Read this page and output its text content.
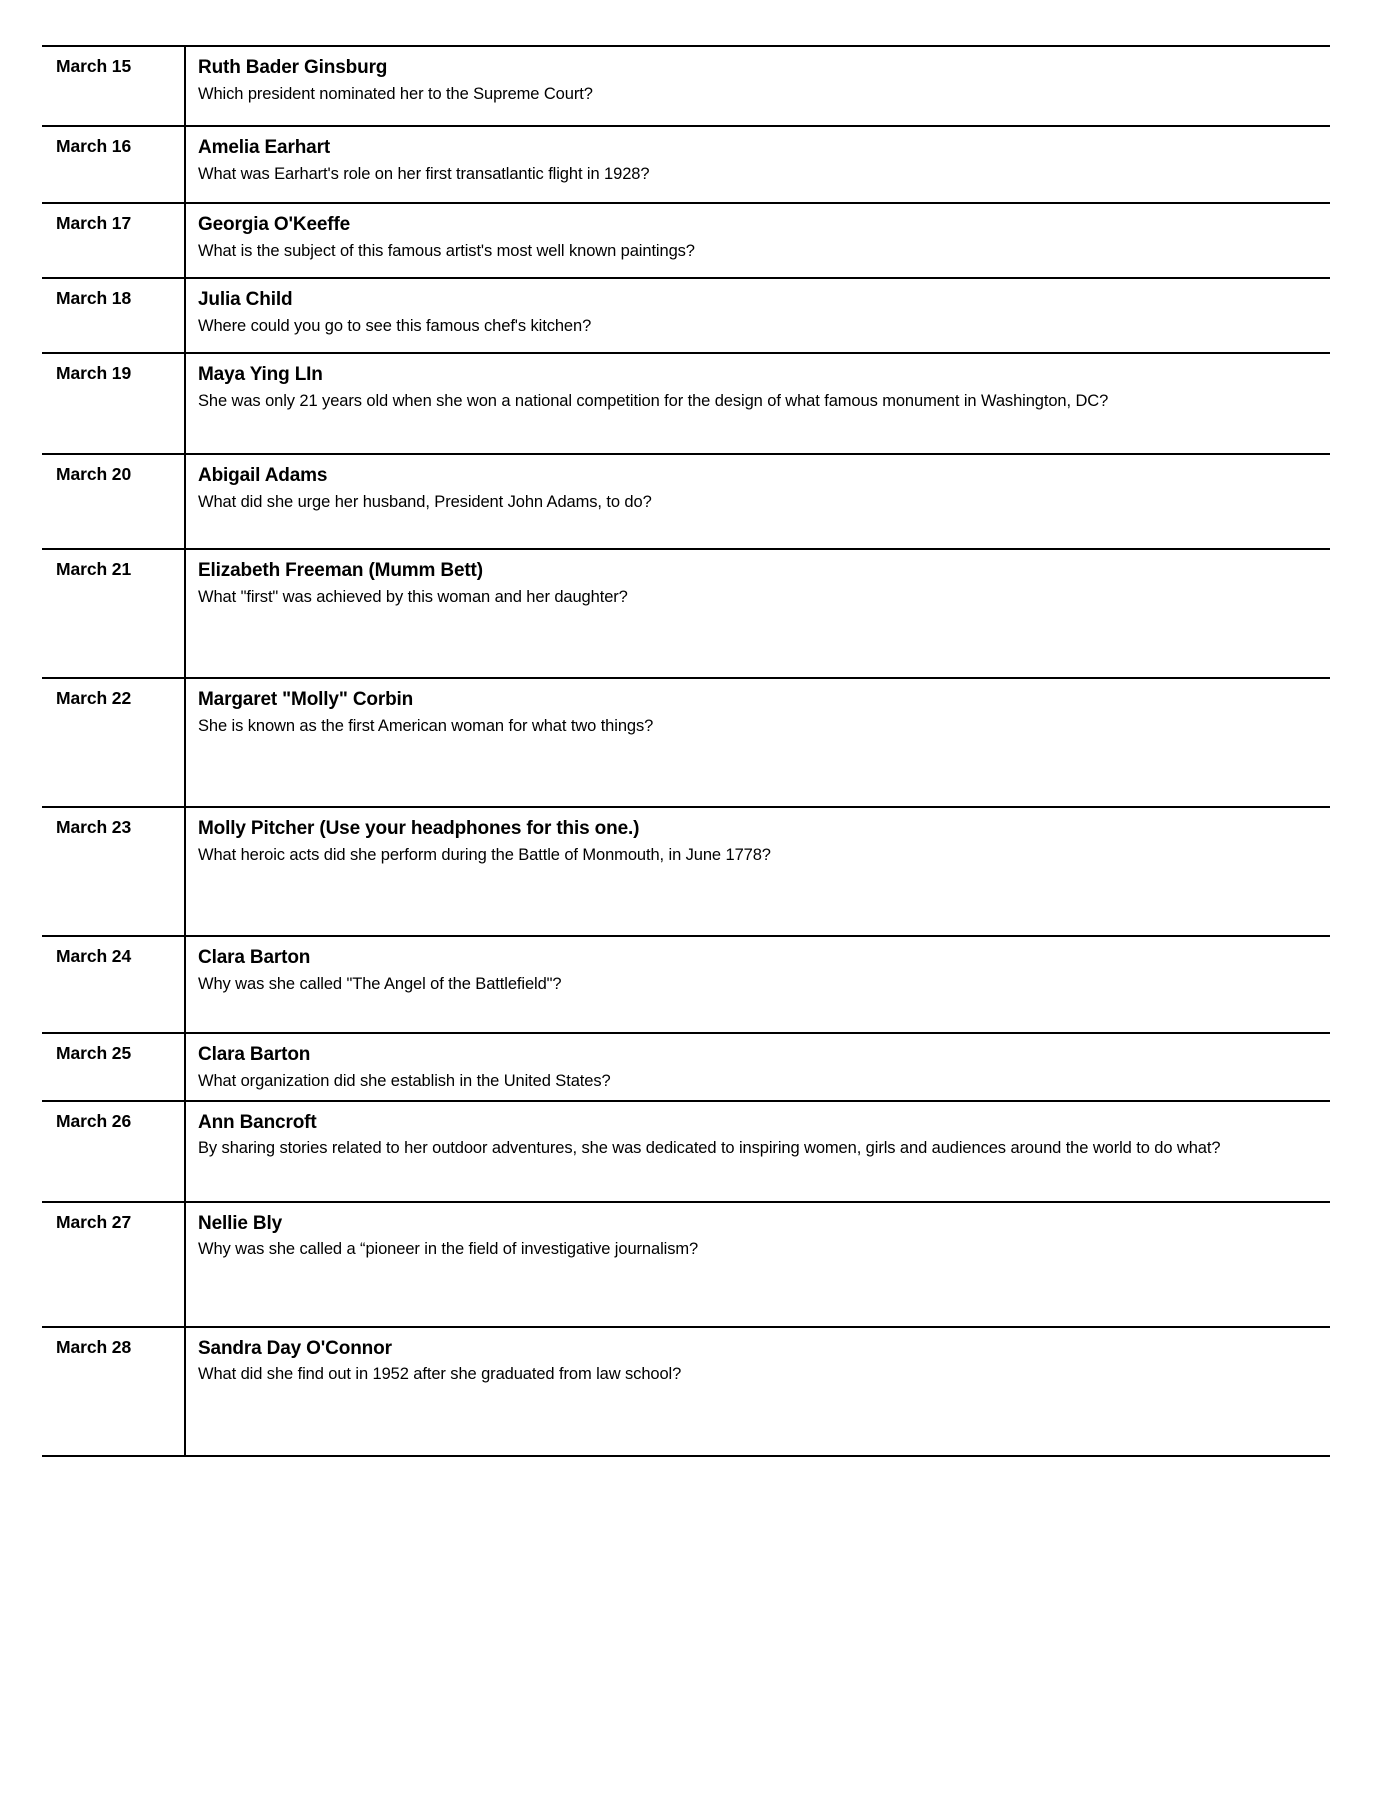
March 15	Ruth Bader Ginsburg

Which president nominated her to the Supreme Court?

March 16	Amelia Earhart

What was Earhart's role on her first transatlantic flight in 1928?

March 17	Georgia O'Keeffe

What is the subject of this famous artist's most well known paintings?

March 18	Julia Child

Where could you go to see this famous chef's kitchen?

March 19	Maya Ying LIn

She was only 21 years old when she won a national competition for the design of what famous monument in Washington, DC?

March 20	Abigail Adams

What did she urge her husband, President John Adams, to do?

March 21	Elizabeth Freeman (Mumm Bett)

What "first" was achieved by this woman and her daughter?

March 22	Margaret "Molly" Corbin

She is known as the first American woman for what two things?

March 23	Molly Pitcher (Use your headphones for this one.)

What heroic acts did she perform during the Battle of Monmouth, in June 1778?

March 24	Clara Barton

Why was she called "The Angel of the Battlefield"?

March 25	Clara Barton

What organization did she establish in the United States?

March 26	Ann Bancroft

By sharing stories related to her outdoor adventures, she was dedicated to inspiring women, girls and audiences around the world to do what?

March 27	Nellie Bly

Why was she called a “pioneer in the field of investigative journalism?

March 28	Sandra Day O'Connor

What did she find out in 1952 after she graduated from law school?
